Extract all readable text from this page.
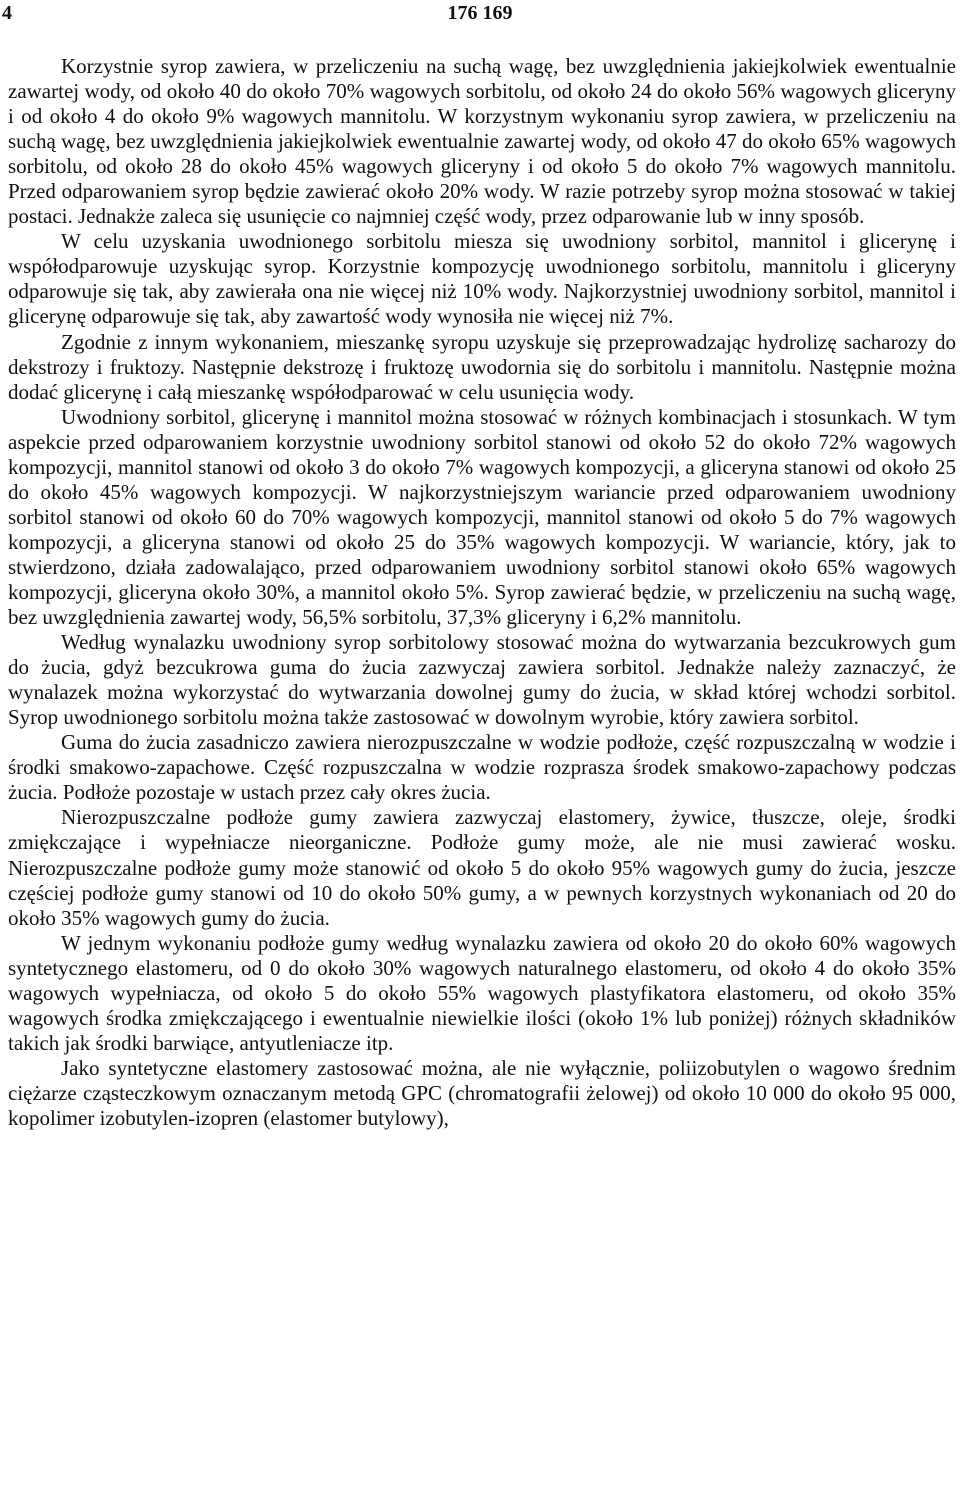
4	176 169

Korzystnie syrop zawiera, w przeliczeniu na suchą wagę, bez uwzględnienia jakiejkolwiek ewentualnie zawartej wody, od około 40 do około 70% wagowych sorbitolu, od około 24 do około 56% wagowych gliceryny i od około 4 do około 9% wagowych mannitolu. W korzystnym wykonaniu syrop zawiera, w przeliczeniu na suchą wagę, bez uwzględnienia jakiejkolwiek ewentualnie zawartej wody, od około 47 do około 65% wagowych sorbitolu, od około 28 do około 45% wagowych gliceryny i od około 5 do około 7% wagowych mannitolu. Przed odparowaniem syrop będzie zawierać około 20% wody. W razie potrzeby syrop można stosować w takiej postaci. Jednakże zaleca się usunięcie co najmniej część wody, przez odparowanie lub w inny sposób.

W celu uzyskania uwodnionego sorbitolu miesza się uwodniony sorbitol, mannitol i glicerynę i współodparowuje uzyskując syrop. Korzystnie kompozycję uwodnionego sorbitolu, mannitolu i gliceryny odparowuje się tak, aby zawierała ona nie więcej niż 10% wody. Najkorzystniej uwodniony sorbitol, mannitol i glicerynę odparowuje się tak, aby zawartość wody wynosiła nie więcej niż 7%.

Zgodnie z innym wykonaniem, mieszankę syropu uzyskuje się przeprowadzając hydrolizę sacharozy do dekstrozy i fruktozy. Następnie dekstrozę i fruktozę uwodornia się do sorbitolu i mannitolu. Następnie można dodać glicerynę i całą mieszankę współodparować w celu usunięcia wody.

Uwodniony sorbitol, glicerynę i mannitol można stosować w różnych kombinacjach i stosunkach. W tym aspekcie przed odparowaniem korzystnie uwodniony sorbitol stanowi od około 52 do około 72% wagowych kompozycji, mannitol stanowi od około 3 do około 7% wagowych kompozycji, a gliceryna stanowi od około 25 do około 45% wagowych kompozycji. W najkorzystniejszym wariancie przed odparowaniem uwodniony sorbitol stanowi od około 60 do 70% wagowych kompozycji, mannitol stanowi od około 5 do 7% wagowych kompozycji, a gliceryna stanowi od około 25 do 35% wagowych kompozycji. W wariancie, który, jak to stwierdzono, działa zadowalająco, przed odparowaniem uwodniony sorbitol stanowi około 65% wagowych kompozycji, gliceryna około 30%, a mannitol około 5%. Syrop zawierać będzie, w przeliczeniu na suchą wagę, bez uwzględnienia zawartej wody, 56,5% sorbitolu, 37,3% gliceryny i 6,2% mannitolu.

Według wynalazku uwodniony syrop sorbitolowy stosować można do wytwarzania bezcukrowych gum do żucia, gdyż bezcukrowa guma do żucia zazwyczaj zawiera sorbitol. Jednakże należy zaznaczyć, że wynalazek można wykorzystać do wytwarzania dowolnej gumy do żucia, w skład której wchodzi sorbitol. Syrop uwodnionego sorbitolu można także zastosować w dowolnym wyrobie, który zawiera sorbitol.

Guma do żucia zasadniczo zawiera nierozpuszczalne w wodzie podłoże, część rozpuszczalną w wodzie i środki smakowo-zapachowe. Część rozpuszczalna w wodzie rozprasza środek smakowo-zapachowy podczas żucia. Podłoże pozostaje w ustach przez cały okres żucia.

Nierozpuszczalne podłoże gumy zawiera zazwyczaj elastomery, żywice, tłuszcze, oleje, środki zmiękczające i wypełniacze nieorganiczne. Podłoże gumy może, ale nie musi zawierać wosku. Nierozpuszczalne podłoże gumy może stanowić od około 5 do około 95% wagowych gumy do żucia, jeszcze częściej podłoże gumy stanowi od 10 do około 50% gumy, a w pewnych korzystnych wykonaniach od 20 do około 35% wagowych gumy do żucia.

W jednym wykonaniu podłoże gumy według wynalazku zawiera od około 20 do około 60% wagowych syntetycznego elastomeru, od 0 do około 30% wagowych naturalnego elastomeru, od około 4 do około 35% wagowych wypełniacza, od około 5 do około 55% wagowych plastyfikatora elastomeru, od około 35% wagowych środka zmiękczającego i ewentualnie niewielkie ilości (około 1% lub poniżej) różnych składników takich jak środki barwiące, antyutleniacze itp.

Jako syntetyczne elastomery zastosować można, ale nie wyłącznie, poliizobutylen o wagowo średnim ciężarze cząsteczkowym oznaczanym metodą GPC (chromatografii żelowej) od około 10 000 do około 95 000, kopolimer izobutylen-izopren (elastomer butylowy),
